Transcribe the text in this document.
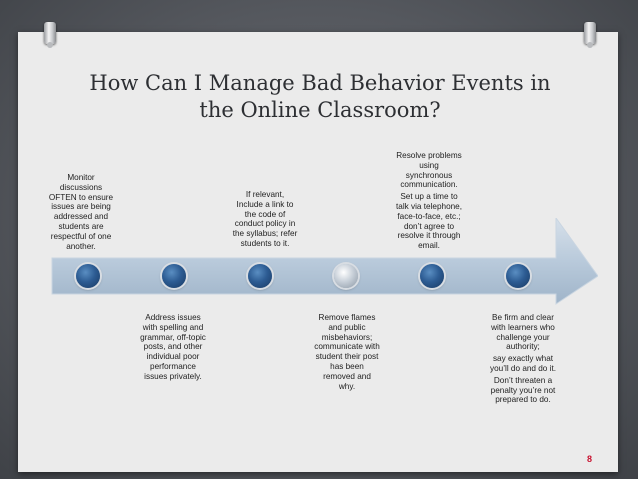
How Can I Manage Bad Behavior Events in
the Online Classroom?
Monitor
discussions
OFTEN to ensure
issues are being
addressed and
students are
respectful of one
another.
If relevant,
Include a link to
the code of
conduct policy in
the syllabus; refer
students to it.

Resolve problems
using
synchronous
communication.

Set up a time to
talk via telephone,
face-to-face, etc.;
don’t agree to
resolve it through
email.

Address issues
with spelling and
grammar, off-topic
posts, and other
individual poor
performance
issues privately.
Remove flames
and public
misbehaviors;
communicate with
student their post
has been
removed and
why.

Be firm and clear
with learners who
challenge your
authority;

say exactly what
you’ll do and do it.

Don’t threaten a
penalty you’re not
prepared to do.

8
